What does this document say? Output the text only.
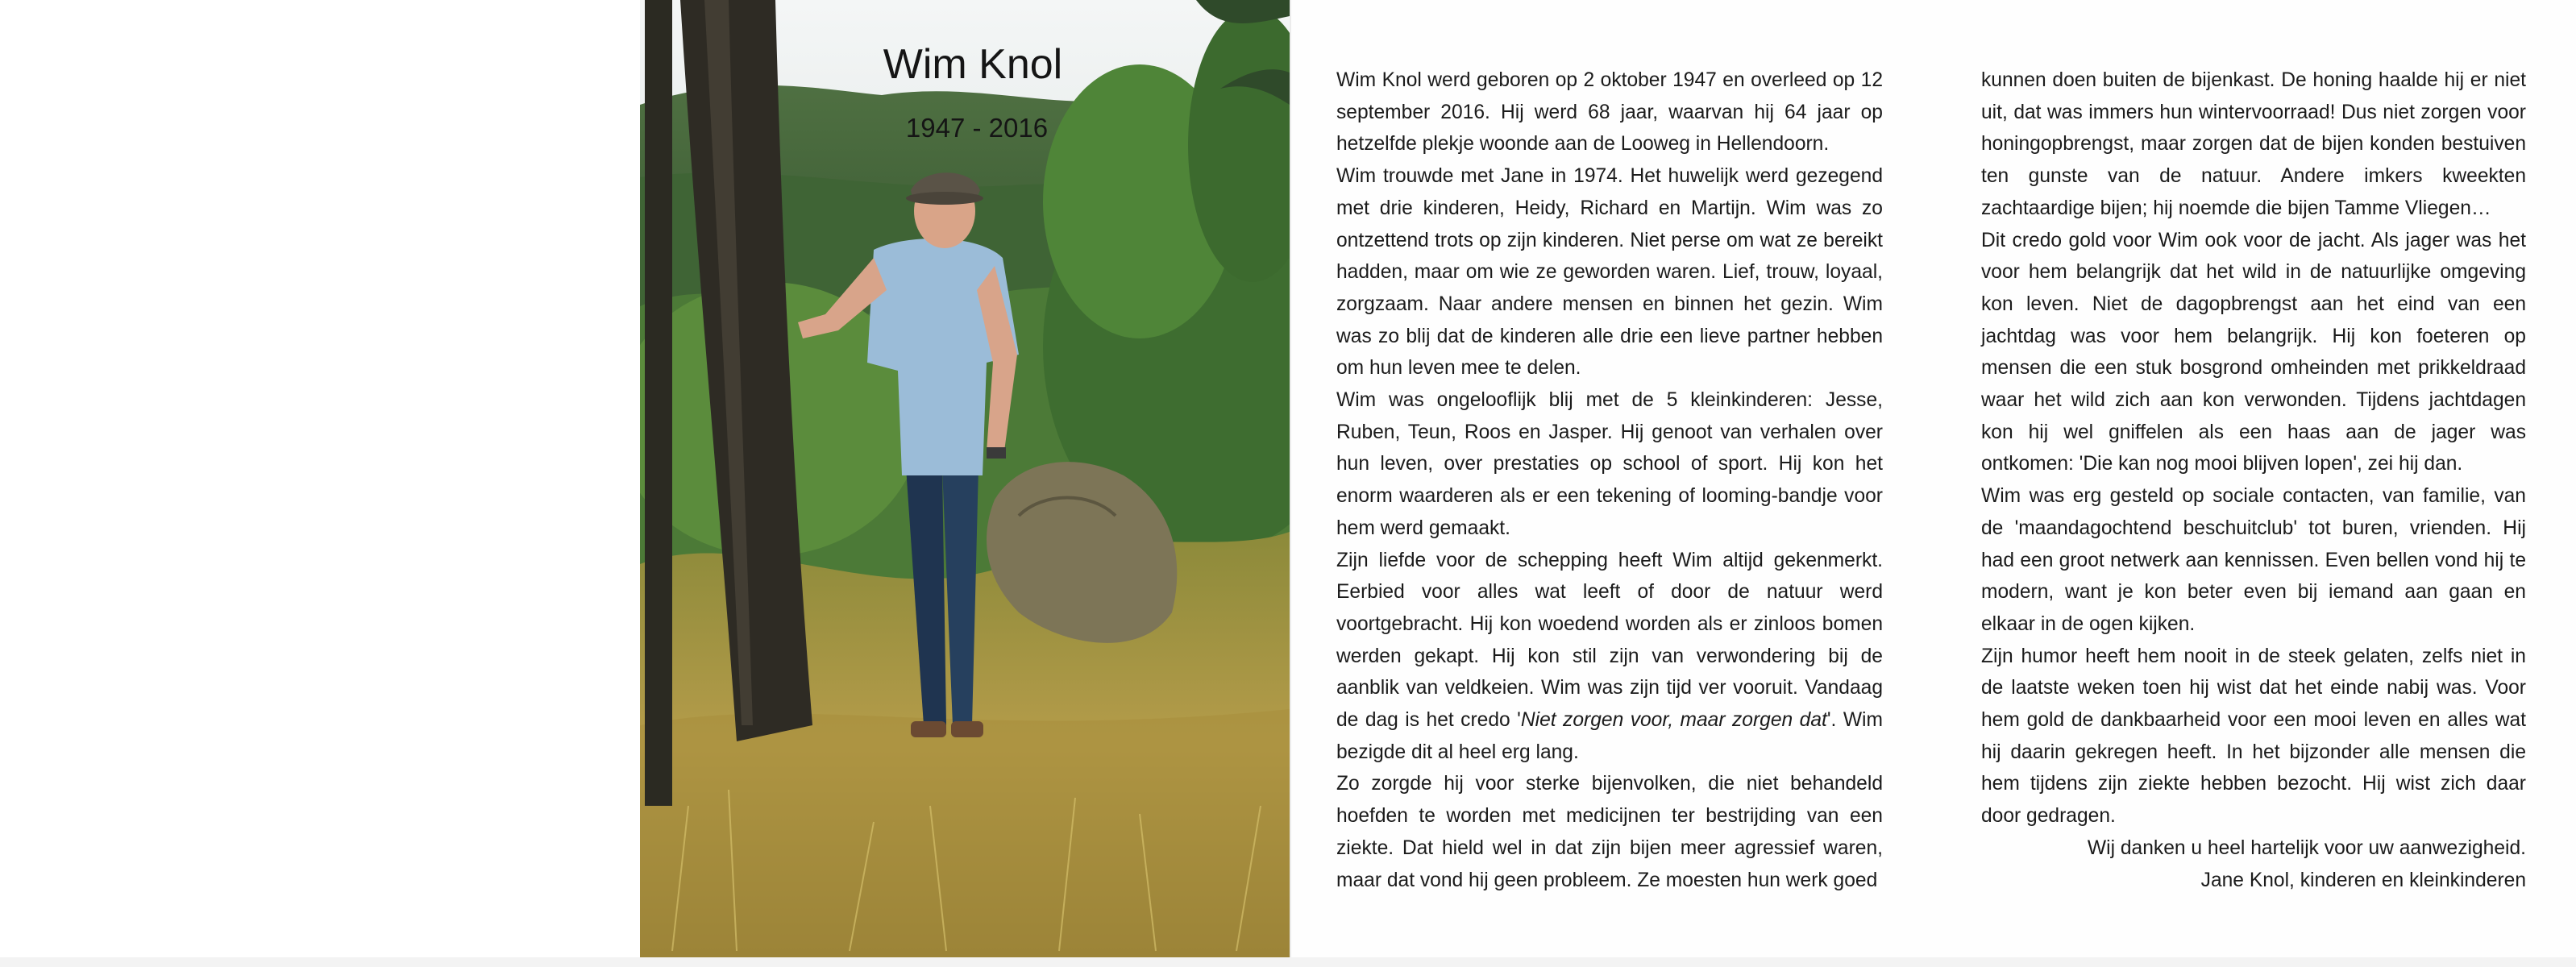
Wim Knol
1947 - 2016

Wim Knol werd geboren op 2 oktober 1947 en overleed op 12 september 2016. Hij werd 68 jaar, waarvan hij 64 jaar op hetzelfde plekje woonde aan de Looweg in Hellendoorn.

Wim trouwde met Jane in 1974. Het huwelijk werd gezegend met drie kinderen, Heidy, Richard en Martijn. Wim was zo ontzettend trots op zijn kinderen. Niet perse om wat ze bereikt hadden, maar om wie ze geworden waren. Lief, trouw, loyaal, zorgzaam. Naar andere mensen en binnen het gezin. Wim was zo blij dat de kinderen alle drie een lieve partner hebben om hun leven mee te delen.

Wim was ongelooflijk blij met de 5 kleinkinderen: Jesse, Ruben, Teun, Roos en Jasper. Hij genoot van verhalen over hun leven, over prestaties op school of sport. Hij kon het enorm waarderen als er een tekening of looming-bandje voor hem werd gemaakt.

Zijn liefde voor de schepping heeft Wim altijd gekenmerkt. Eerbied voor alles wat leeft of door de natuur werd voortgebracht. Hij kon woedend worden als er zinloos bomen werden gekapt. Hij kon stil zijn van verwondering bij de aanblik van veldkeien. Wim was zijn tijd ver vooruit. Vandaag de dag is het credo 'Niet zorgen voor, maar zorgen dat'. Wim bezigde dit al heel erg lang.

Zo zorgde hij voor sterke bijenvolken, die niet behandeld hoefden te worden met medicijnen ter bestrijding van een ziekte. Dat hield wel in dat zijn bijen meer agressief waren, maar dat vond hij geen probleem. Ze moesten hun werk goed

kunnen doen buiten de bijenkast. De honing haalde hij er niet uit, dat was immers hun wintervoorraad! Dus niet zorgen voor honingopbrengst, maar zorgen dat de bijen konden bestuiven ten gunste van de natuur. Andere imkers kweekten zachtaardige bijen; hij noemde die bijen Tamme Vliegen…

Dit credo gold voor Wim ook voor de jacht. Als jager was het voor hem belangrijk dat het wild in de natuurlijke omgeving kon leven. Niet de dagopbrengst aan het eind van een jachtdag was voor hem belangrijk. Hij kon foeteren op mensen die een stuk bosgrond omheinden met prikkeldraad waar het wild zich aan kon verwonden. Tijdens jachtdagen kon hij wel gniffelen als een haas aan de jager was ontkomen: 'Die kan nog mooi blijven lopen', zei hij dan.

Wim was erg gesteld op sociale contacten, van familie, van de 'maandagochtend beschuitclub' tot buren, vrienden. Hij had een groot netwerk aan kennissen. Even bellen vond hij te modern, want je kon beter even bij iemand aan gaan en elkaar in de ogen kijken.

Zijn humor heeft hem nooit in de steek gelaten, zelfs niet in de laatste weken toen hij wist dat het einde nabij was. Voor hem gold de dankbaarheid voor een mooi leven en alles wat hij daarin gekregen heeft. In het bijzonder alle mensen die hem tijdens zijn ziekte hebben bezocht. Hij wist zich daar door gedragen.

Wij danken u heel hartelijk voor uw aanwezigheid.

Jane Knol, kinderen en kleinkinderen
